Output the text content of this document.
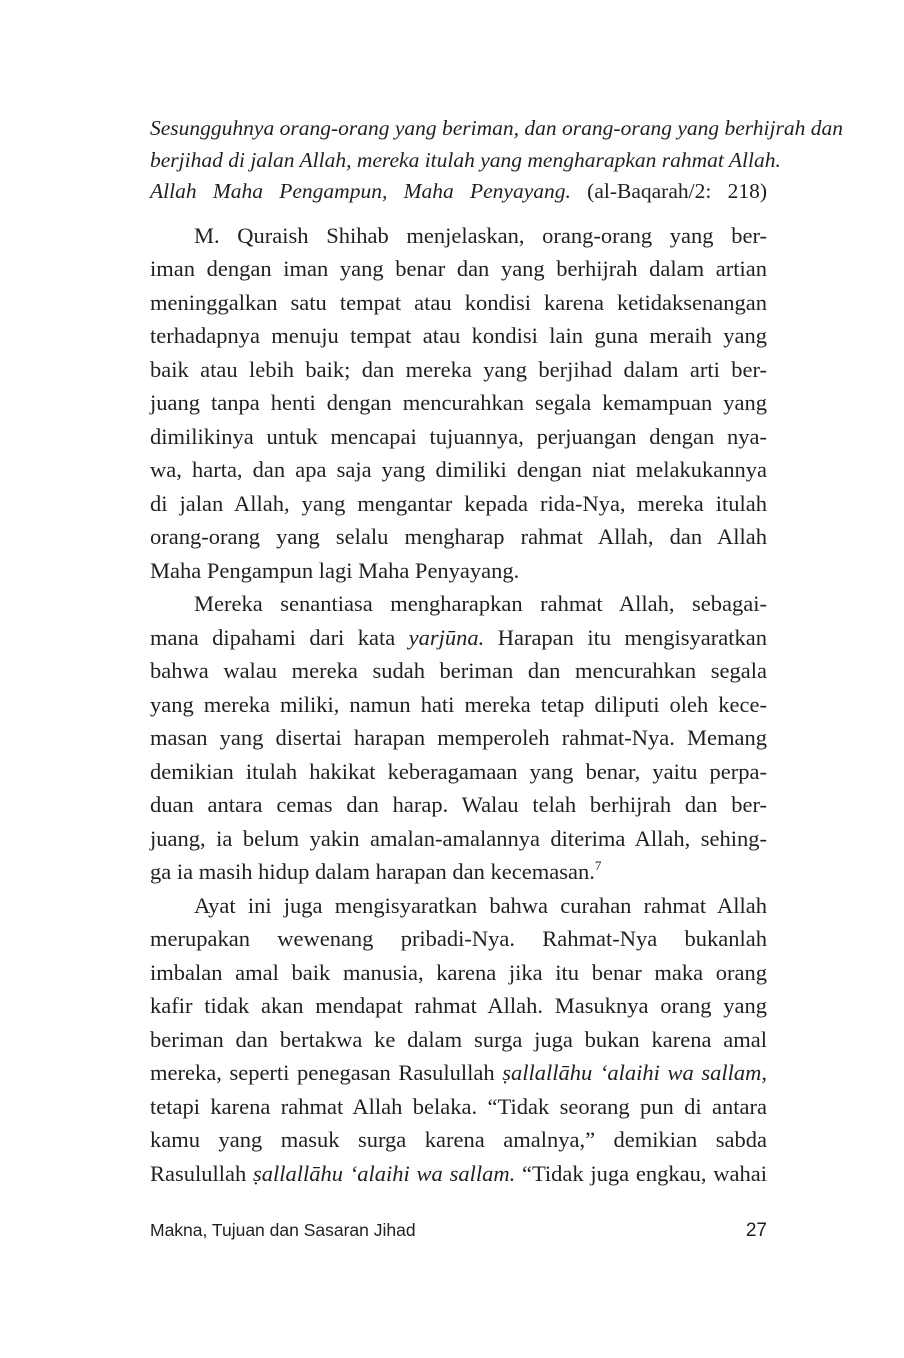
Sesungguhnya orang-orang yang beriman, dan orang-orang yang berhijrah dan
berjihad di jalan Allah, mereka itulah yang mengharapkan rahmat Allah.
Allah Maha Pengampun, Maha Penyayang. (al-Baqarah/2: 218)
M. Quraish Shihab menjelaskan, orang-orang yang ber-
iman dengan iman yang benar dan yang berhijrah dalam artian
meninggalkan satu tempat atau kondisi karena ketidaksenangan
terhadapnya menuju tempat atau kondisi lain guna meraih yang
baik atau lebih baik; dan mereka yang berjihad dalam arti ber-
juang tanpa henti dengan mencurahkan segala kemampuan yang
dimilikinya untuk mencapai tujuannya, perjuangan dengan nya-
wa, harta, dan apa saja yang dimiliki dengan niat melakukannya
di jalan Allah, yang mengantar kepada rida-Nya, mereka itulah
orang-orang yang selalu mengharap rahmat Allah, dan Allah
Maha Pengampun lagi Maha Penyayang.
Mereka senantiasa mengharapkan rahmat Allah, sebagai-
mana dipahami dari kata yarjūna. Harapan itu mengisyaratkan
bahwa walau mereka sudah beriman dan mencurahkan segala
yang mereka miliki, namun hati mereka tetap diliputi oleh kece-
masan yang disertai harapan memperoleh rahmat-Nya. Memang
demikian itulah hakikat keberagamaan yang benar, yaitu perpa-
duan antara cemas dan harap. Walau telah berhijrah dan ber-
juang, ia belum yakin amalan-amalannya diterima Allah, sehing-
ga ia masih hidup dalam harapan dan kecemasan.$^7$
Ayat ini juga mengisyaratkan bahwa curahan rahmat Allah
merupakan wewenang pribadi-Nya. Rahmat-Nya bukanlah
imbalan amal baik manusia, karena jika itu benar maka orang
kafir tidak akan mendapat rahmat Allah. Masuknya orang yang
beriman dan bertakwa ke dalam surga juga bukan karena amal
mereka, seperti penegasan Rasulullah ṣallallāhu ‘alaihi wa sallam,
tetapi karena rahmat Allah belaka. “Tidak seorang pun di antara
kamu yang masuk surga karena amalnya,” demikian sabda
Rasulullah ṣallallāhu ‘alaihi wa sallam. “Tidak juga engkau, wahai
Makna, Tujuan dan Sasaran Jihad	27
